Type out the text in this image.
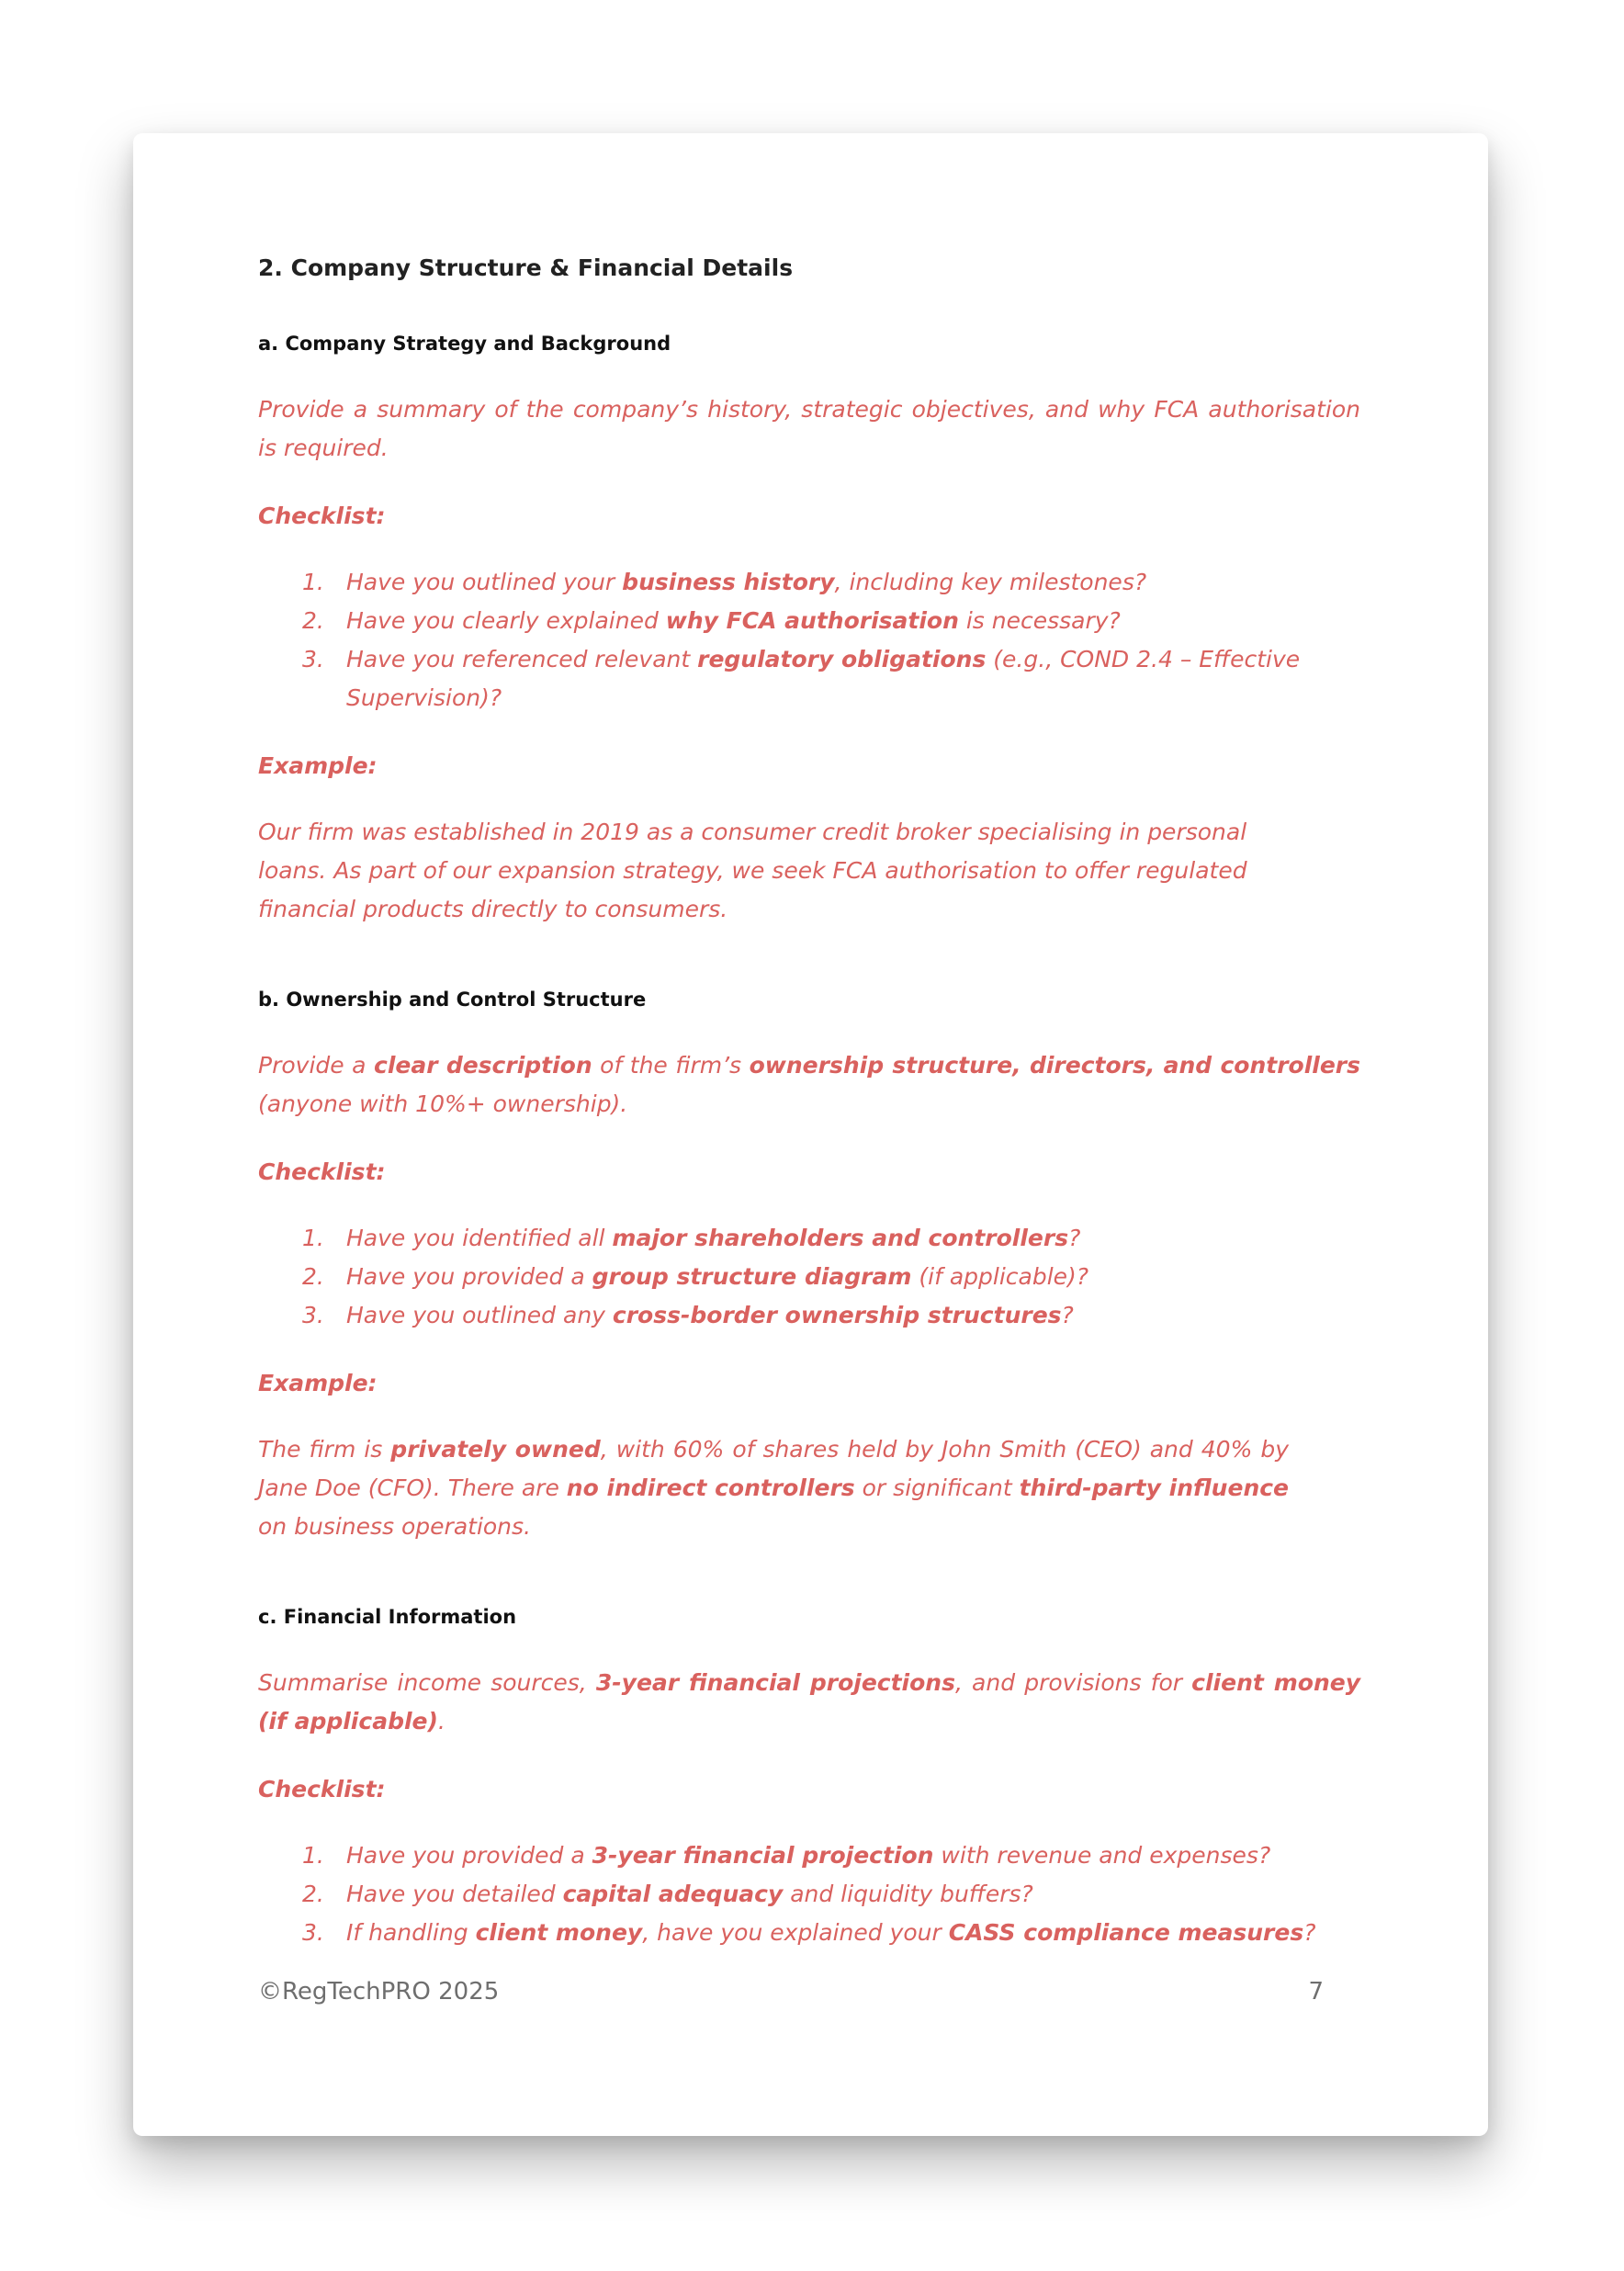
2. Company Structure & Financial Details
a. Company Strategy and Background

Provide a summary of the company’s history, strategic objectives, and why FCA authorisation is required.

Checklist:
1. Have you outlined your business history, including key milestones?
2. Have you clearly explained why FCA authorisation is necessary?
3. Have you referenced relevant regulatory obligations (e.g., COND 2.4 – Effective Supervision)?
Example:

Our firm was established in 2019 as a consumer credit broker specialising in personal loans. As part of our expansion strategy, we seek FCA authorisation to offer regulated financial products directly to consumers.

b. Ownership and Control Structure

Provide a clear description of the firm’s ownership structure, directors, and controllers (anyone with 10%+ ownership).

Checklist:
1. Have you identified all major shareholders and controllers?
2. Have you provided a group structure diagram (if applicable)?
3. Have you outlined any cross-border ownership structures?
Example:

The firm is privately owned, with 60% of shares held by John Smith (CEO) and 40% by Jane Doe (CFO). There are no indirect controllers or significant third-party influence on business operations.

c. Financial Information

Summarise income sources, 3-year financial projections, and provisions for client money (if applicable).

Checklist:
1. Have you provided a 3-year financial projection with revenue and expenses?
2. Have you detailed capital adequacy and liquidity buffers?
3. If handling client money, have you explained your CASS compliance measures?
©RegTechPRO 2025	7
